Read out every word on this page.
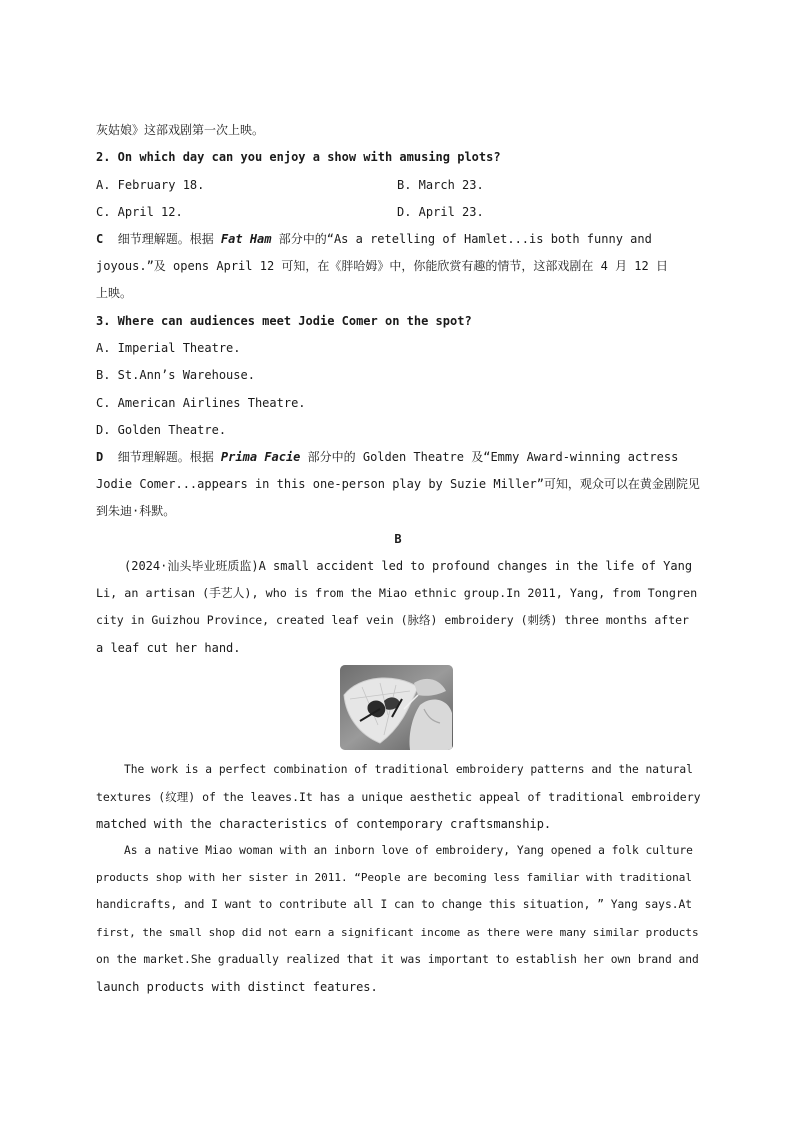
灰姑娘》这部戏剧第一次上映。
2. On which day can you enjoy a show with amusing plots?
A. February 18.	B. March 23.
C. April 12.	D. April 23.
C 细节理解题。根据 Fat Ham 部分中的“As a retelling of Hamlet...is both funny and
joyous.”及 opens April 12 可知，在《胖哈姆》中，你能欣赏有趣的情节，这部戏剧在 4 月 12 日
上映。
3. Where can audiences meet Jodie Comer on the spot?
A. Imperial Theatre.
B. St.Ann’s Warehouse.
C. American Airlines Theatre.
D. Golden Theatre.
D 细节理解题。根据 Prima Facie 部分中的 Golden Theatre 及“Emmy Award-winning actress
Jodie Comer...appears in this one-person play by Suzie Miller”可知，观众可以在黄金剧院见
到朱迪·科默。
B
(2024·汕头毕业班质监)A small accident led to profound changes in the life of Yang
Li, an artisan (手艺人), who is from the Miao ethnic group.In 2011, Yang, from Tongren
city in Guizhou Province, created leaf vein (脉络) embroidery (刺绣) three months after
a leaf cut her hand.
The work is a perfect combination of traditional embroidery patterns and the natural
textures (纹理) of the leaves.It has a unique aesthetic appeal of traditional embroidery
matched with the characteristics of contemporary craftsmanship.
As a native Miao woman with an inborn love of embroidery, Yang opened a folk culture
products shop with her sister in 2011. “People are becoming less familiar with traditional
handicrafts, and I want to contribute all I can to change this situation, ” Yang says.At
first, the small shop did not earn a significant income as there were many similar products
on the market.She gradually realized that it was important to establish her own brand and
launch products with distinct features.
